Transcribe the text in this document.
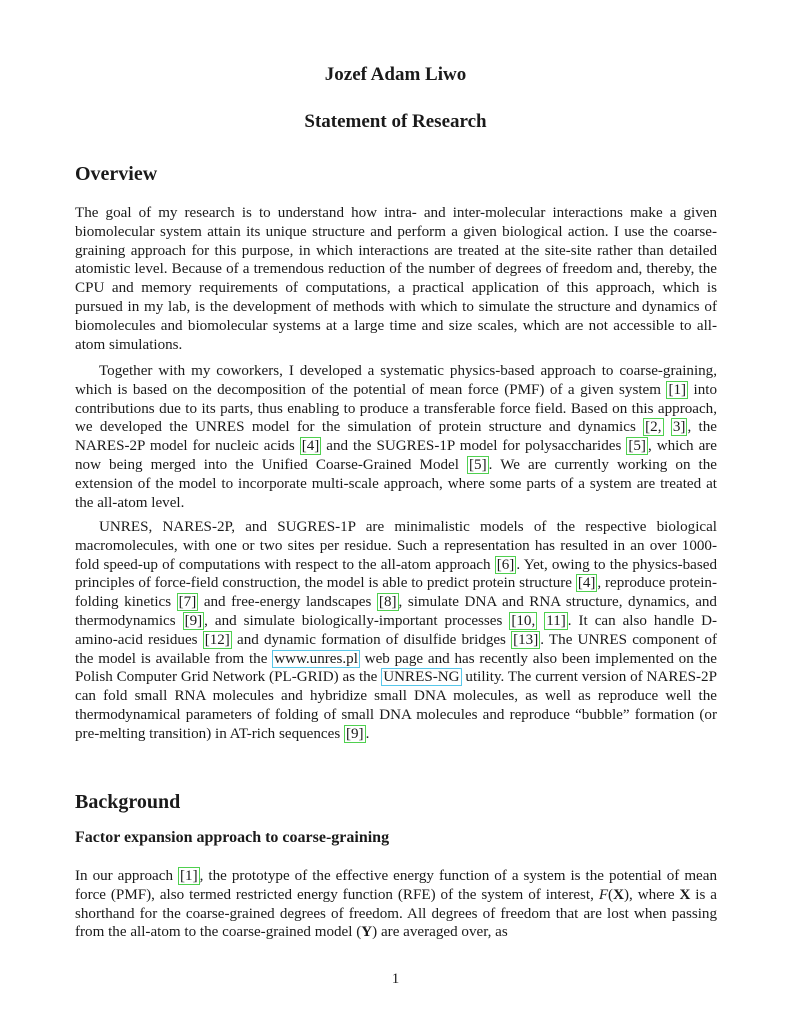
Jozef Adam Liwo
Statement of Research
Overview

The goal of my research is to understand how intra- and inter-molecular interactions make a given biomolecular system attain its unique structure and perform a given biological action. I use the coarse-graining approach for this purpose, in which interactions are treated at the site-site rather than detailed atomistic level. Because of a tremendous reduction of the number of degrees of freedom and, thereby, the CPU and memory requirements of computations, a practical application of this approach, which is pursued in my lab, is the development of methods with which to simulate the structure and dynamics of biomolecules and biomolecular systems at a large time and size scales, which are not accessible to all-atom simulations.

Together with my coworkers, I developed a systematic physics-based approach to coarse-graining, which is based on the decomposition of the potential of mean force (PMF) of a given system [1] into contributions due to its parts, thus enabling to produce a transferable force field. Based on this approach, we developed the UNRES model for the simulation of protein structure and dynamics [2, 3] , the NARES-2P model for nucleic acids [4] and the SUGRES-1P model for polysaccharides [5] , which are now being merged into the Unified Coarse-Grained Model [5] . We are currently working on the extension of the model to incorporate multi-scale approach, where some parts of a system are treated at the all-atom level.

UNRES, NARES-2P, and SUGRES-1P are minimalistic models of the respective biological macromolecules, with one or two sites per residue. Such a representation has resulted in an over 1000-fold speed-up of computations with respect to the all-atom approach [6] . Yet, owing to the physics-based principles of force-field construction, the model is able to predict protein structure [4] , reproduce protein-folding kinetics [7] and free-energy landscapes [8] , simulate DNA and RNA structure, dynamics, and thermodynamics [9] , and simulate biologically-important processes [10, 11] . It can also handle D-amino-acid residues [12] and dynamic formation of disulfide bridges [13] . The UNRES component of the model is available from the www.unres.pl web page and has recently also been implemented on the Polish Computer Grid Network (PL-GRID) as the UNRES-NG utility. The current version of NARES-2P can fold small RNA molecules and hybridize small DNA molecules, as well as reproduce well the thermodynamical parameters of folding of small DNA molecules and reproduce “bubble” formation (or pre-melting transition) in AT-rich sequences [9] .

Background
Factor expansion approach to coarse-graining

In our approach [1] , the prototype of the effective energy function of a system is the potential of mean force (PMF), also termed restricted energy function (RFE) of the system of interest, F(X), where X is a shorthand for the coarse-grained degrees of freedom. All degrees of freedom that are lost when passing from the all-atom to the coarse-grained model (Y) are averaged over, as

1
